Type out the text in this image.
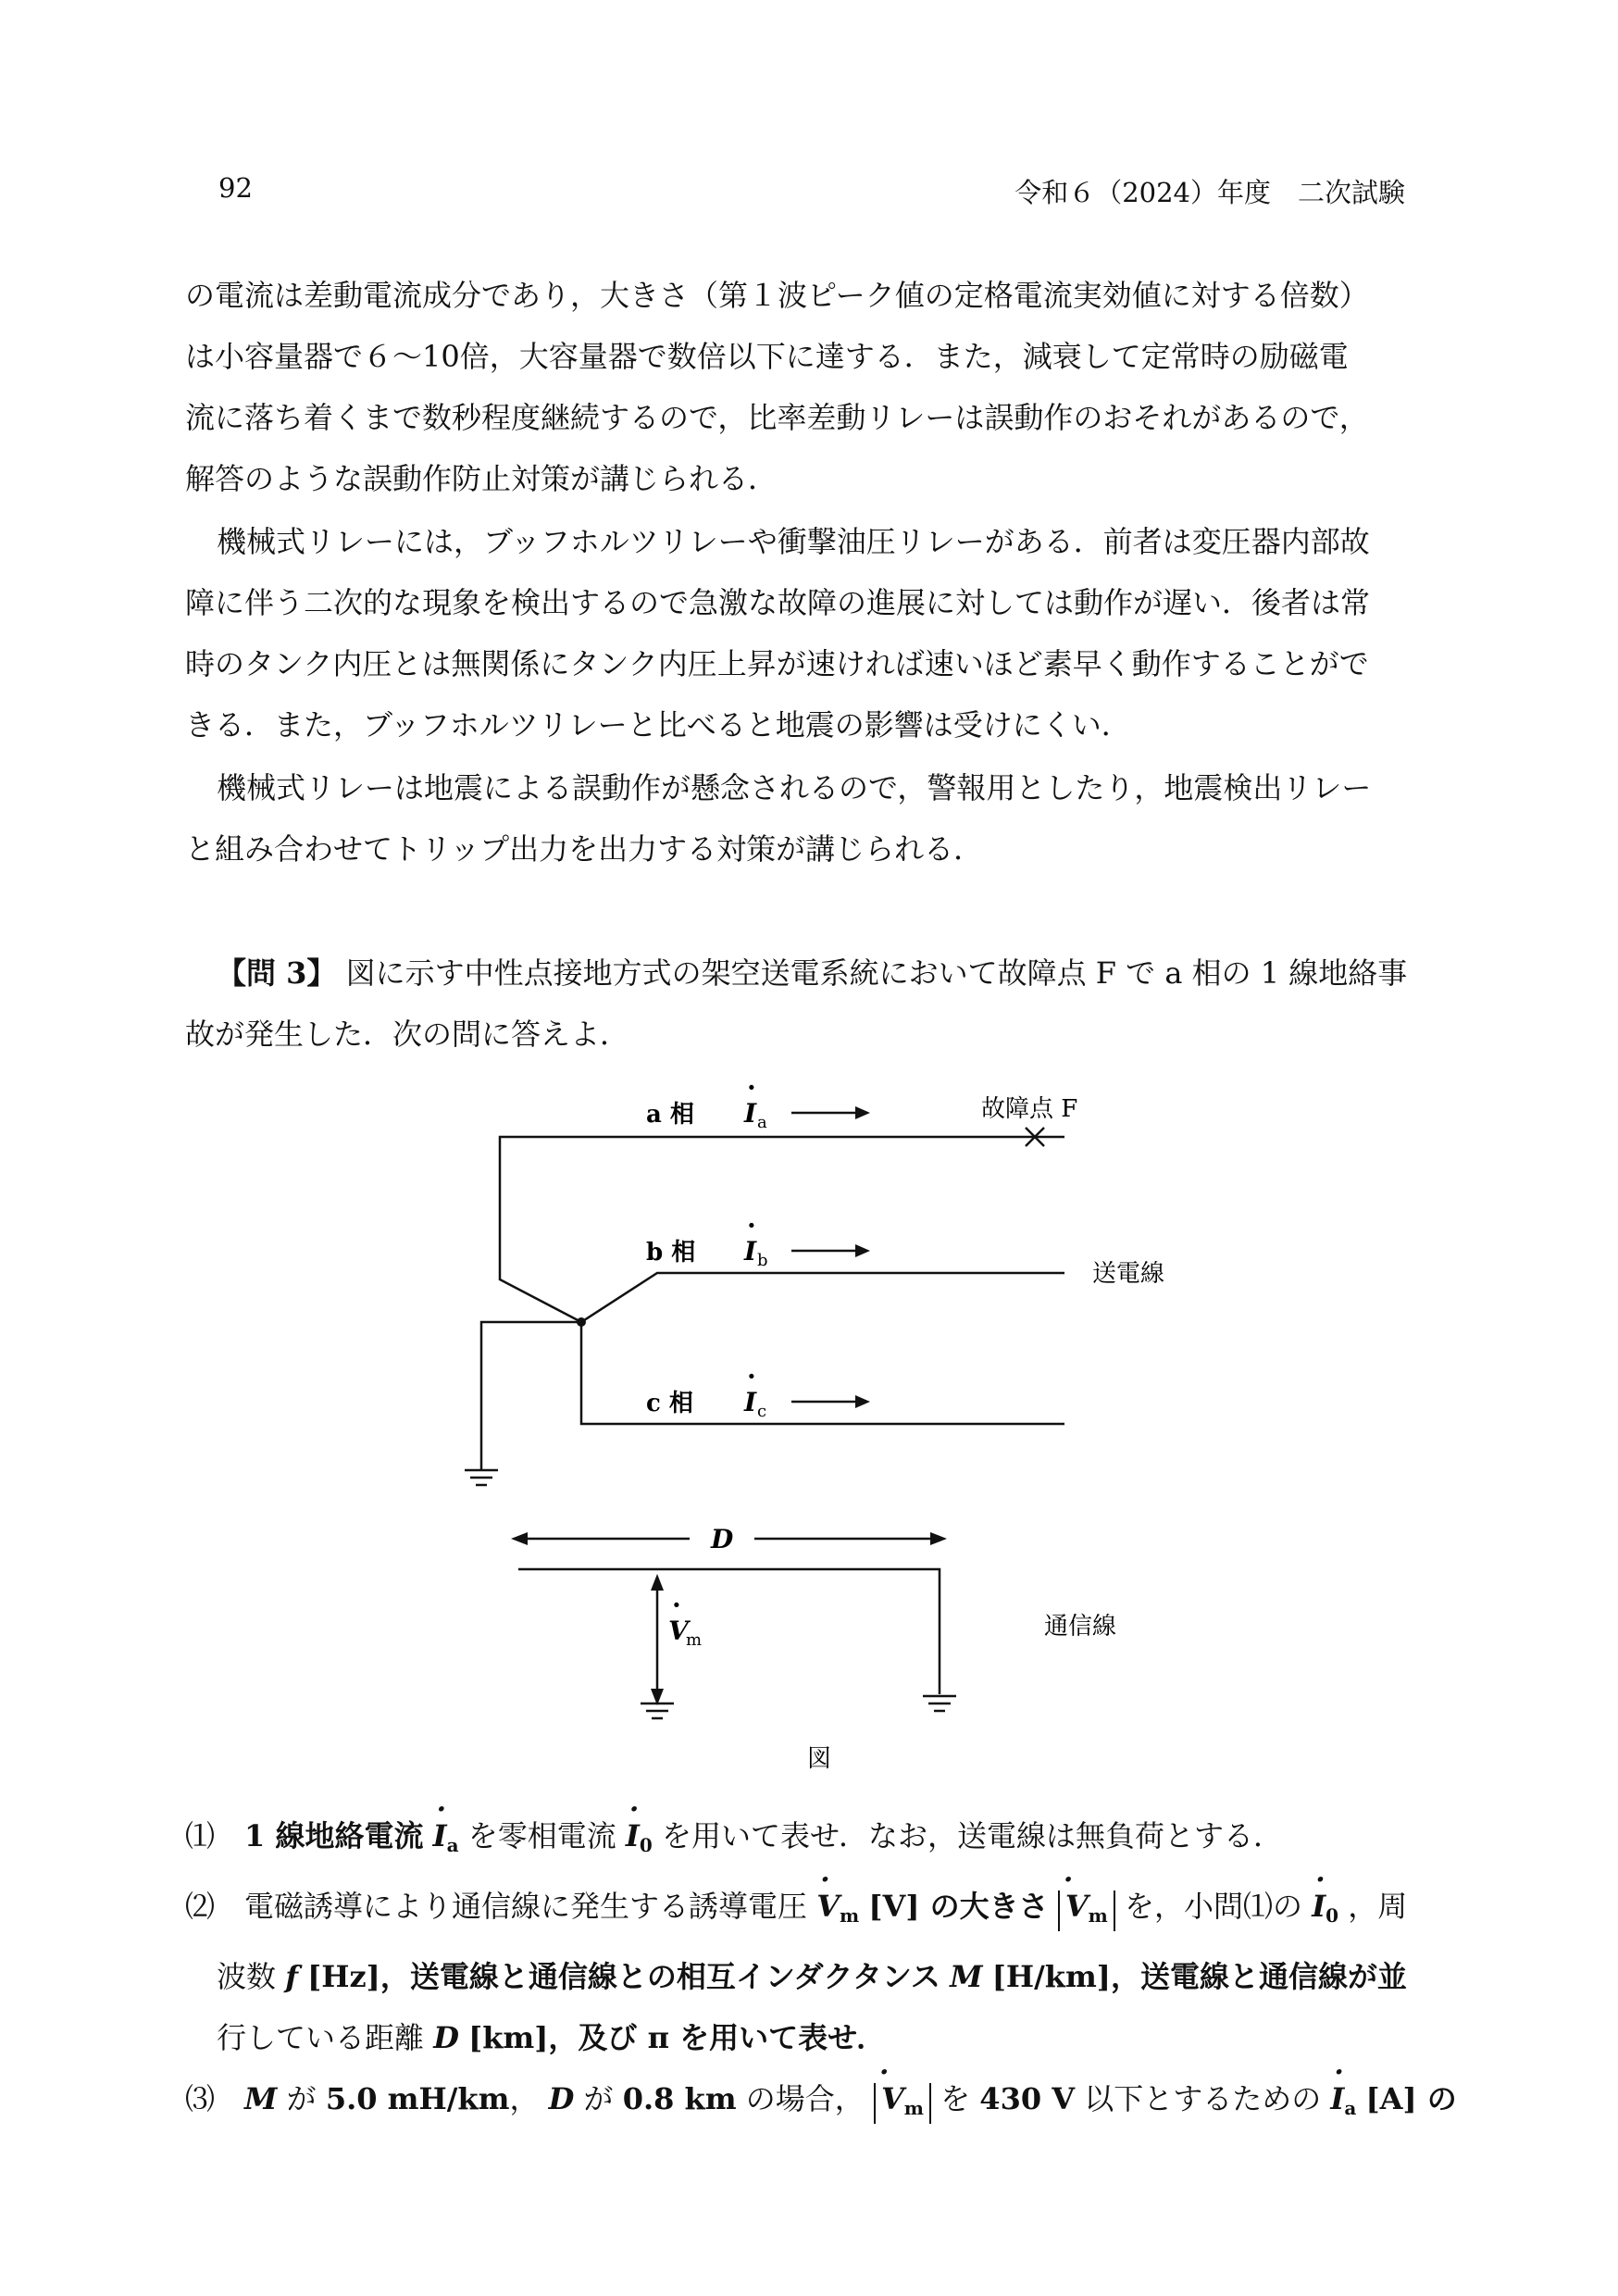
92	令和６（2024）年度　二次試験
の電流は差動電流成分であり，大きさ（第１波ピーク値の定格電流実効値に対する倍数）
は小容量器で６〜10倍，大容量器で数倍以下に達する．また，減衰して定常時の励磁電
流に落ち着くまで数秒程度継続するので，比率差動リレーは誤動作のおそれがあるので，
解答のような誤動作防止対策が講じられる．
機械式リレーには，ブッフホルツリレーや衝撃油圧リレーがある．前者は変圧器内部故
障に伴う二次的な現象を検出するので急激な故障の進展に対しては動作が遅い．後者は常
時のタンク内圧とは無関係にタンク内圧上昇が速ければ速いほど素早く動作することがで
きる．また，ブッフホルツリレーと比べると地震の影響は受けにくい．
機械式リレーは地震による誤動作が懸念されるので，警報用としたり，地震検出リレー
と組み合わせてトリップ出力を出力する対策が講じられる．
【問 3】 図に示す中性点接地方式の架空送電系統において故障点 F で a 相の 1 線地絡事
故が発生した．次の問に答えよ．
a 相
b 相
c 相
·
I a
·
I b
·
I c
故障点 F
送電線
D
·
V
m	通信線
図
⑴　 1 線地絡電流 · $I_a$ を零相電流 · $I_0$ を用いて表せ．なお，送電線は無負荷とする．
⑵　 電磁誘導により通信線に発生する誘導電圧 · $V_m$ [V] の大きさ · $V_m$ を，小問⑴の · $I_0$ ，周
波数 f [Hz]，送電線と通信線との相互インダクタンス M [H/km]，送電線と通信線が並
行している距離 D [km]，及び π を用いて表せ．
⑶　 M が 5.0 mH/km， D が 0.8 km の場合， · $V_m$ を 430 V 以下とするための · $I_a$ [A] の
